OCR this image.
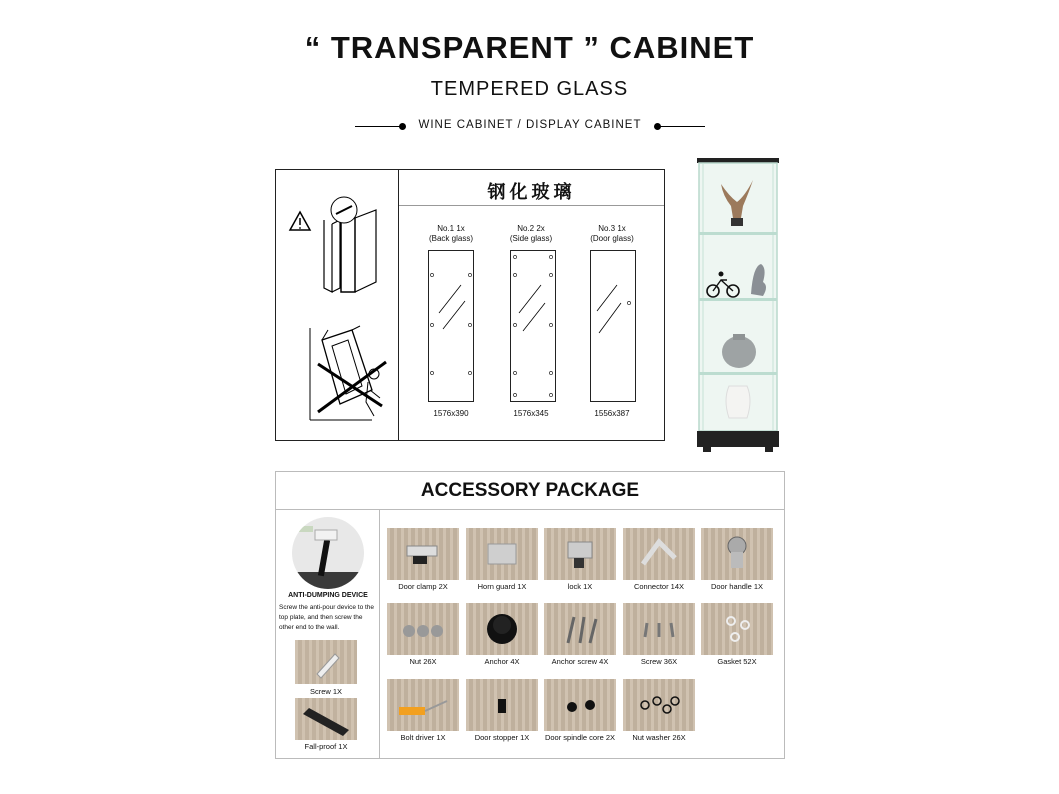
“ TRANSPARENT ” CABINET
TEMPERED GLASS
WINE CABINET / DISPLAY CABINET
钢化玻璃
No.1 1x
(Back glass)
1576x390
No.2 2x
(Side glass)
1576x345
No.3 1x
(Door glass)
1556x387
ACCESSORY PACKAGE
ANTI-DUMPING DEVICE
Screw the anti-pour device to the top plate, and then screw the other end to the wall.
Screw 1X
Fall-proof 1X
Door clamp 2X	Horn guard 1X	lock 1X	Connector 14X	Door handle 1X
Nut 26X	Anchor 4X	Anchor screw 4X	Screw 36X	Gasket 52X
Bolt driver 1X	Door stopper 1X	Door spindle core 2X	Nut washer 26X
